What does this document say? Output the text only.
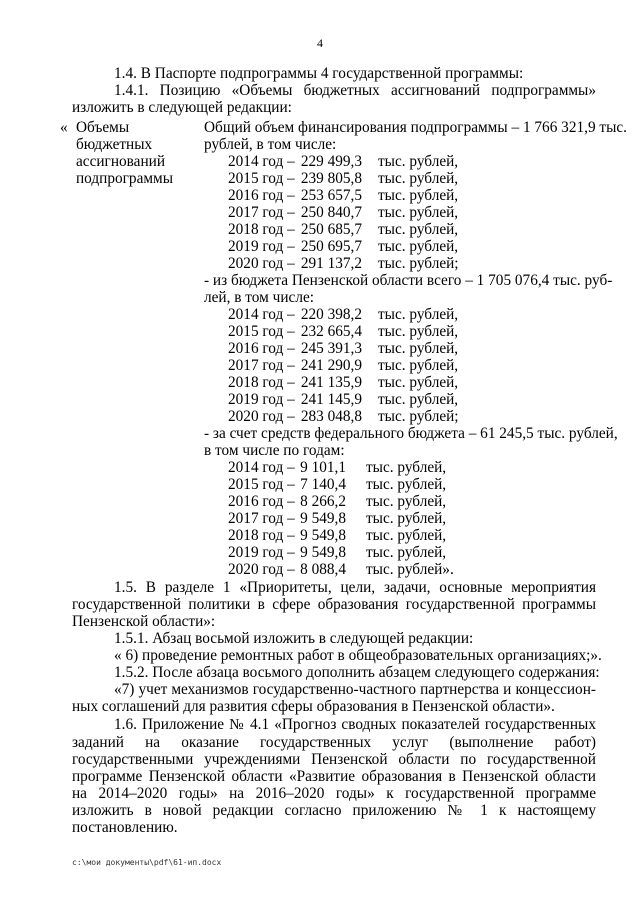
4
1.4. В Паспорте подпрограммы 4 государственной программы:
1.4.1. Позицию «Объемы бюджетных ассигнований подпрограммы»
изложить в следующей редакции:
« Объемы
бюджетных
ассигнований
подпрограммы
Общий объем финансирования подпрограммы – 1 766 321,9 тыс.
рублей, в том числе:
2014 год – 229 499,3 тыс. рублей,
2015 год – 239 805,8 тыс. рублей,
2016 год – 253 657,5 тыс. рублей,
2017 год – 250 840,7 тыс. рублей,
2018 год – 250 685,7 тыс. рублей,
2019 год – 250 695,7 тыс. рублей,
2020 год – 291 137,2 тыс. рублей;
- из бюджета Пензенской области всего – 1 705 076,4 тыс. руб-
лей, в том числе:
2014 год – 220 398,2 тыс. рублей,
2015 год – 232 665,4 тыс. рублей,
2016 год – 245 391,3 тыс. рублей,
2017 год – 241 290,9 тыс. рублей,
2018 год – 241 135,9 тыс. рублей,
2019 год – 241 145,9 тыс. рублей,
2020 год – 283 048,8 тыс. рублей;
- за счет средств федерального бюджета – 61 245,5 тыс. рублей,
в том числе по годам:
2014 год – 9 101,1 тыс. рублей,
2015 год – 7 140,4 тыс. рублей,
2016 год – 8 266,2 тыс. рублей,
2017 год – 9 549,8 тыс. рублей,
2018 год – 9 549,8 тыс. рублей,
2019 год – 9 549,8 тыс. рублей,
2020 год – 8 088,4 тыс. рублей».
1.5. В разделе 1 «Приоритеты, цели, задачи, основные мероприятия
государственной политики в сфере образования государственной программы
Пензенской области»:
1.5.1. Абзац восьмой изложить в следующей редакции:
« 6) проведение ремонтных работ в общеобразовательных организациях;».
1.5.2. После абзаца восьмого дополнить абзацем следующего содержания:
«7) учет механизмов государственно-частного партнерства и концессион-
ных соглашений для развития сферы образования в Пензенской области».
1.6. Приложение № 4.1 «Прогноз сводных показателей государственных
заданий на оказание государственных услуг (выполнение работ)
государственными учреждениями Пензенской области по государственной
программе Пензенской области «Развитие образования в Пензенской области
на 2014–2020 годы» на 2016–2020 годы» к государственной программе
изложить в новой редакции согласно приложению № 1 к настоящему
постановлению.
c:\мои документы\pdf\61-ип.docx
